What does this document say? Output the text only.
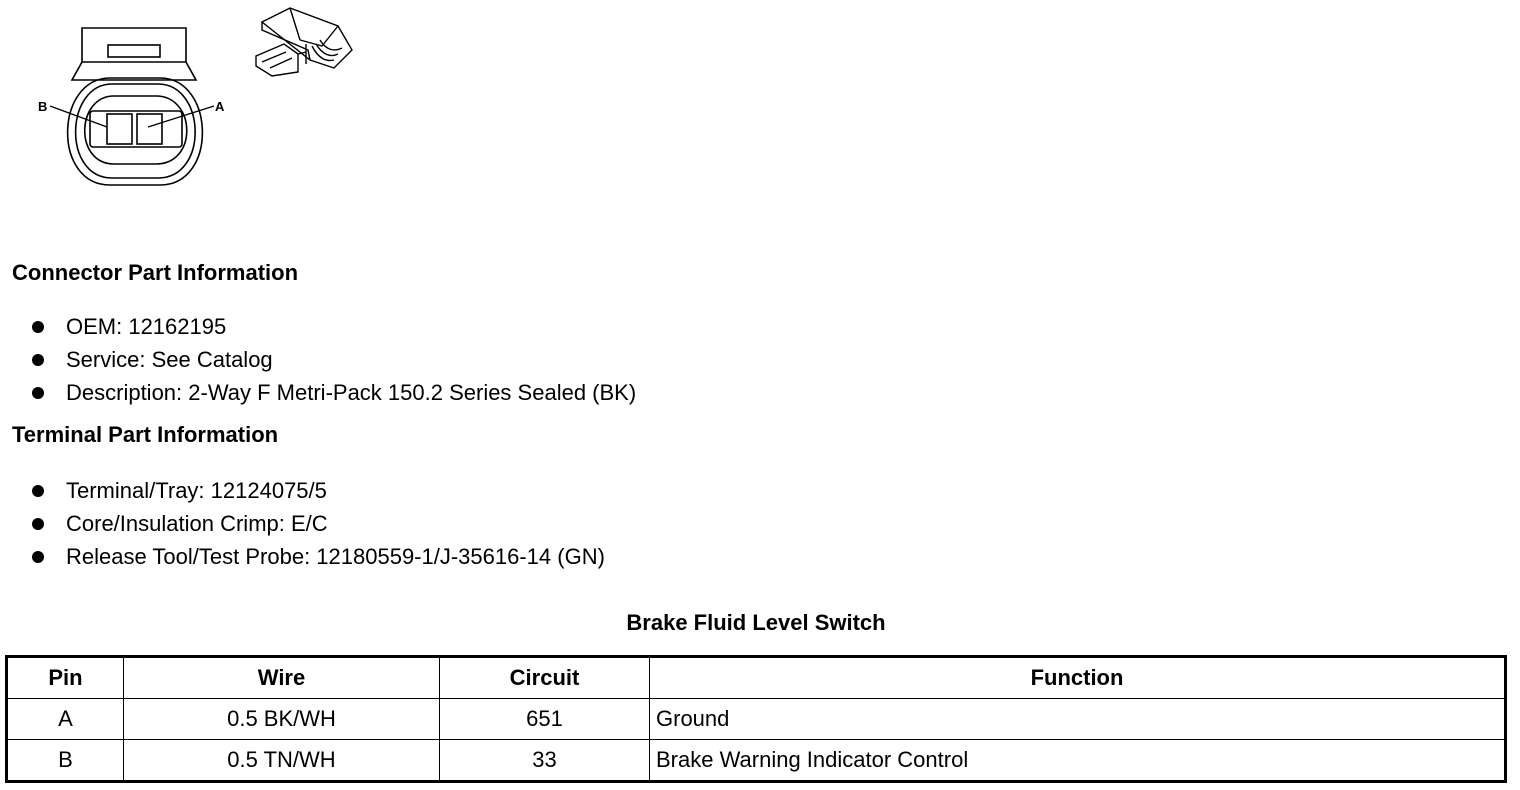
B	A
Connector Part Information
OEM: 12162195
Service: See Catalog
Description: 2-Way F Metri-Pack 150.2 Series Sealed (BK)
Terminal Part Information
Terminal/Tray: 12124075/5
Core/Insulation Crimp: E/C
Release Tool/Test Probe: 12180559-1/J-35616-14 (GN)
Brake Fluid Level Switch
Pin	Wire	Circuit	Function
A	0.5 BK/WH	651	Ground
B	0.5 TN/WH	33	Brake Warning Indicator Control
